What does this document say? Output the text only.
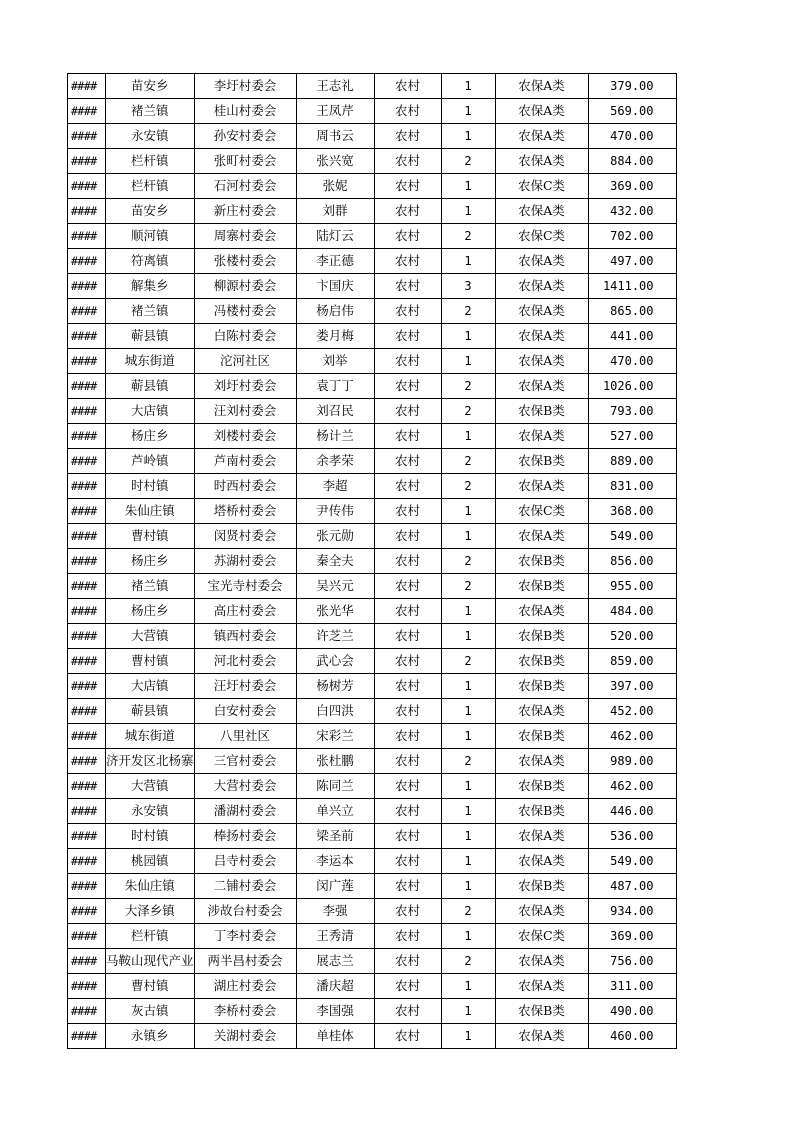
####	苗安乡	李圩村委会	王志礼	农村	1	农保A类	379.00
####	褚兰镇	桂山村委会	王凤芹	农村	1	农保A类	569.00
####	永安镇	孙安村委会	周书云	农村	1	农保A类	470.00
####	栏杆镇	张町村委会	张兴宽	农村	2	农保A类	884.00
####	栏杆镇	石河村委会	张妮	农村	1	农保C类	369.00
####	苗安乡	新庄村委会	刘群	农村	1	农保A类	432.00
####	顺河镇	周寨村委会	陆灯云	农村	2	农保C类	702.00
####	符离镇	张楼村委会	李正德	农村	1	农保A类	497.00
####	解集乡	柳源村委会	卞国庆	农村	3	农保A类	1411.00
####	褚兰镇	冯楼村委会	杨启伟	农村	2	农保A类	865.00
####	蕲县镇	白陈村委会	娄月梅	农村	1	农保A类	441.00
####	城东街道	沱河社区	刘举	农村	1	农保A类	470.00
####	蕲县镇	刘圩村委会	袁丁丁	农村	2	农保A类	1026.00
####	大店镇	汪刘村委会	刘召民	农村	2	农保B类	793.00
####	杨庄乡	刘楼村委会	杨计兰	农村	1	农保A类	527.00
####	芦岭镇	芦南村委会	余孝荣	农村	2	农保B类	889.00
####	时村镇	时西村委会	李超	农村	2	农保A类	831.00
####	朱仙庄镇	塔桥村委会	尹传伟	农村	1	农保C类	368.00
####	曹村镇	闵贤村委会	张元勋	农村	1	农保A类	549.00
####	杨庄乡	苏湖村委会	秦全夫	农村	2	农保B类	856.00
####	褚兰镇	宝光寺村委会	吴兴元	农村	2	农保B类	955.00
####	杨庄乡	高庄村委会	张光华	农村	1	农保A类	484.00
####	大营镇	镇西村委会	许芝兰	农村	1	农保B类	520.00
####	曹村镇	河北村委会	武心会	农村	2	农保B类	859.00
####	大店镇	汪圩村委会	杨树芳	农村	1	农保B类	397.00
####	蕲县镇	白安村委会	白四洪	农村	1	农保A类	452.00
####	城东街道	八里社区	宋彩兰	农村	1	农保B类	462.00
####	济开发区北杨寨	三官村委会	张杜鹏	农村	2	农保A类	989.00
####	大营镇	大营村委会	陈同兰	农村	1	农保B类	462.00
####	永安镇	潘湖村委会	单兴立	农村	1	农保B类	446.00
####	时村镇	棒扬村委会	梁圣前	农村	1	农保A类	536.00
####	桃园镇	吕寺村委会	李运本	农村	1	农保A类	549.00
####	朱仙庄镇	二铺村委会	闵广莲	农村	1	农保B类	487.00
####	大泽乡镇	涉故台村委会	李强	农村	2	农保A类	934.00
####	栏杆镇	丁李村委会	王秀清	农村	1	农保C类	369.00
####	马鞍山现代产业	两半昌村委会	展志兰	农村	2	农保A类	756.00
####	曹村镇	湖庄村委会	潘庆超	农村	1	农保A类	311.00
####	灰古镇	李桥村委会	李国强	农村	1	农保B类	490.00
####	永镇乡	关湖村委会	单桂体	农村	1	农保A类	460.00
